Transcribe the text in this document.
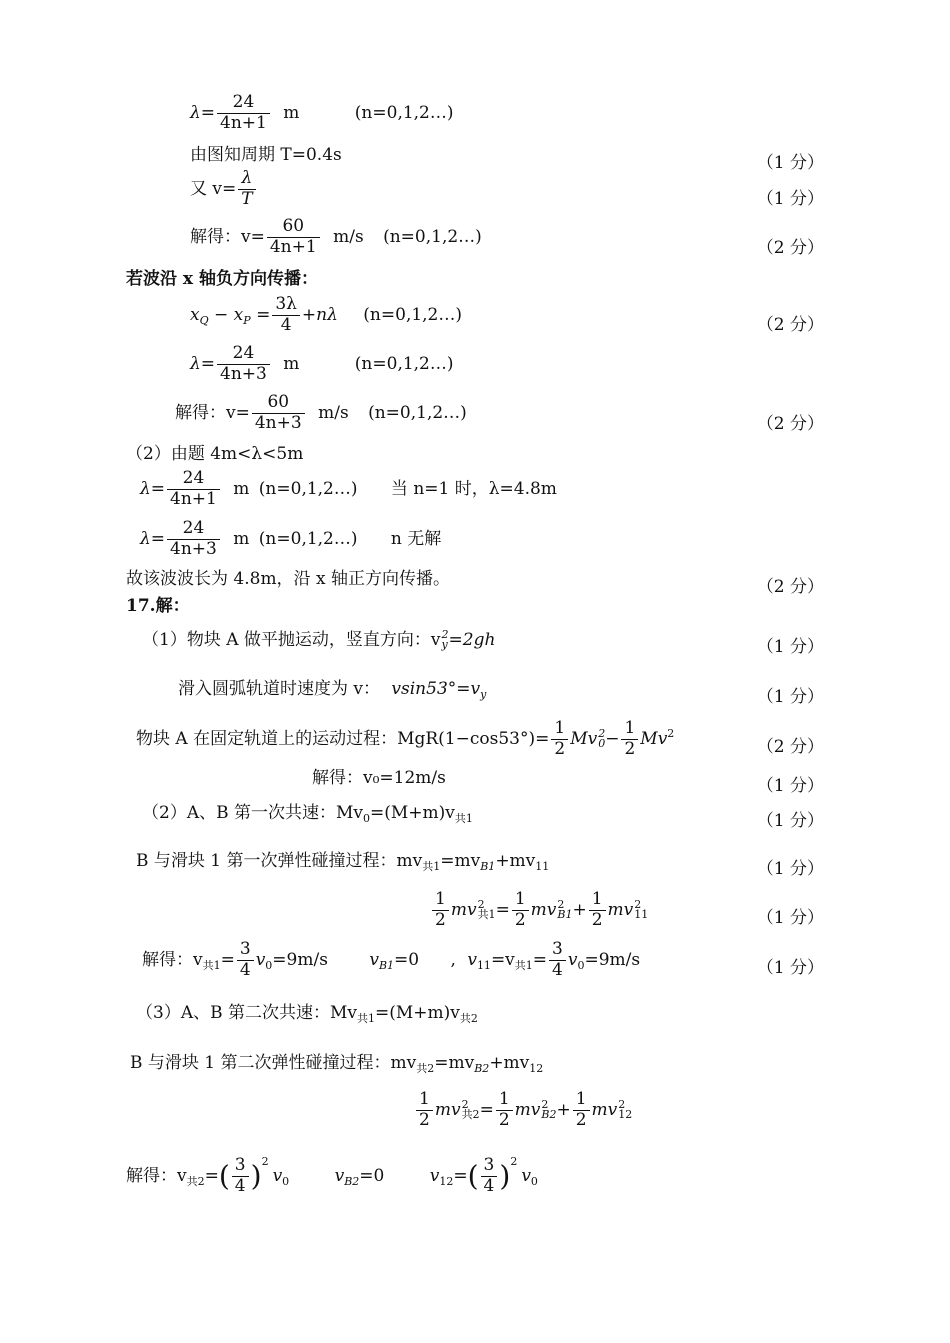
$\lambda= \frac{24}{4n+1}$ m	(n=0,1,2…)
由图知周期 T=0.4s	（1 分）
又 $v= \frac{\lambda}{T}$	（1 分）
解得：$v= \frac{60}{4n+1} m/s$ (n=0,1,2…)
（2 分）
若波沿 x 轴负方向传播：
$x_Q - x_P = \frac{3\lambda}{4} +n\lambda$ (n=0,1,2…)
（2 分）
$\lambda= \frac{24}{4n+3}$ m	(n=0,1,2…)
解得：$v= \frac{60}{4n+3} m/s$ (n=0,1,2…)
（2 分）
（2）由题 4m<λ<5m
$\lambda= \frac{24}{4n+1}$ m (n=0,1,2…) 当 n=1 时，λ=4.8m
$\lambda= \frac{24}{4n+3}$ m (n=0,1,2…) n 无解
故该波波长为 4.8m，沿 x 轴正方向传播。	（2 分）
17.解：
（1）物块 A 做平抛运动，竖直方向：v 2
y =2gh	（1 分）
滑入圆弧轨道时速度为 v： $vsin53^\circ=v_y$	（1 分）
物块 A 在固定轨道上的运动过程：$MgR(1-\cos 53^\circ)= \frac{1}{2}$ Mv 2
$0 - \frac{1}{2} Mv^2$
（2 分）
解得：v₀=12m/s	（1 分）
（2）A、B 第一次共速：$Mv_0=(M+m)v_{共1}$	（1 分）
B 与滑块 1 第一次弹性碰撞过程：$mv_{共1}=mv_{B1}+mv_{11}$	（1 分）
$\frac{1}{2}$ mv 2
共$1 = \frac{1}{2}$ mv 2
$B1 + \frac{1}{2}$ mv 2
11	（1 分）
解得：$v_{共1}= \frac{3}{4} v_0=9m/s$ $v_{B1}=0$ , $v_{11}=v_{共1}= \frac{3}{4} v_0=9m/s$	（1 分）
（3）A、B 第二次共速：$Mv_{共1}=(M+m)v_{共2}$
B 与滑块 1 第二次弹性碰撞过程：$mv_{共2}=mv_{B2}+mv_{12}$
$\frac{1}{2}$ mv 2
共$2 = \frac{1}{2}$ mv 2
$B2 + \frac{1}{2}$ mv 2
12
解得：$v_{共2}=( \frac{3}{4} )^2v_0$	$v_{B2}=0$	$v_{12}=( \frac{3}{4} )^2v_0$
